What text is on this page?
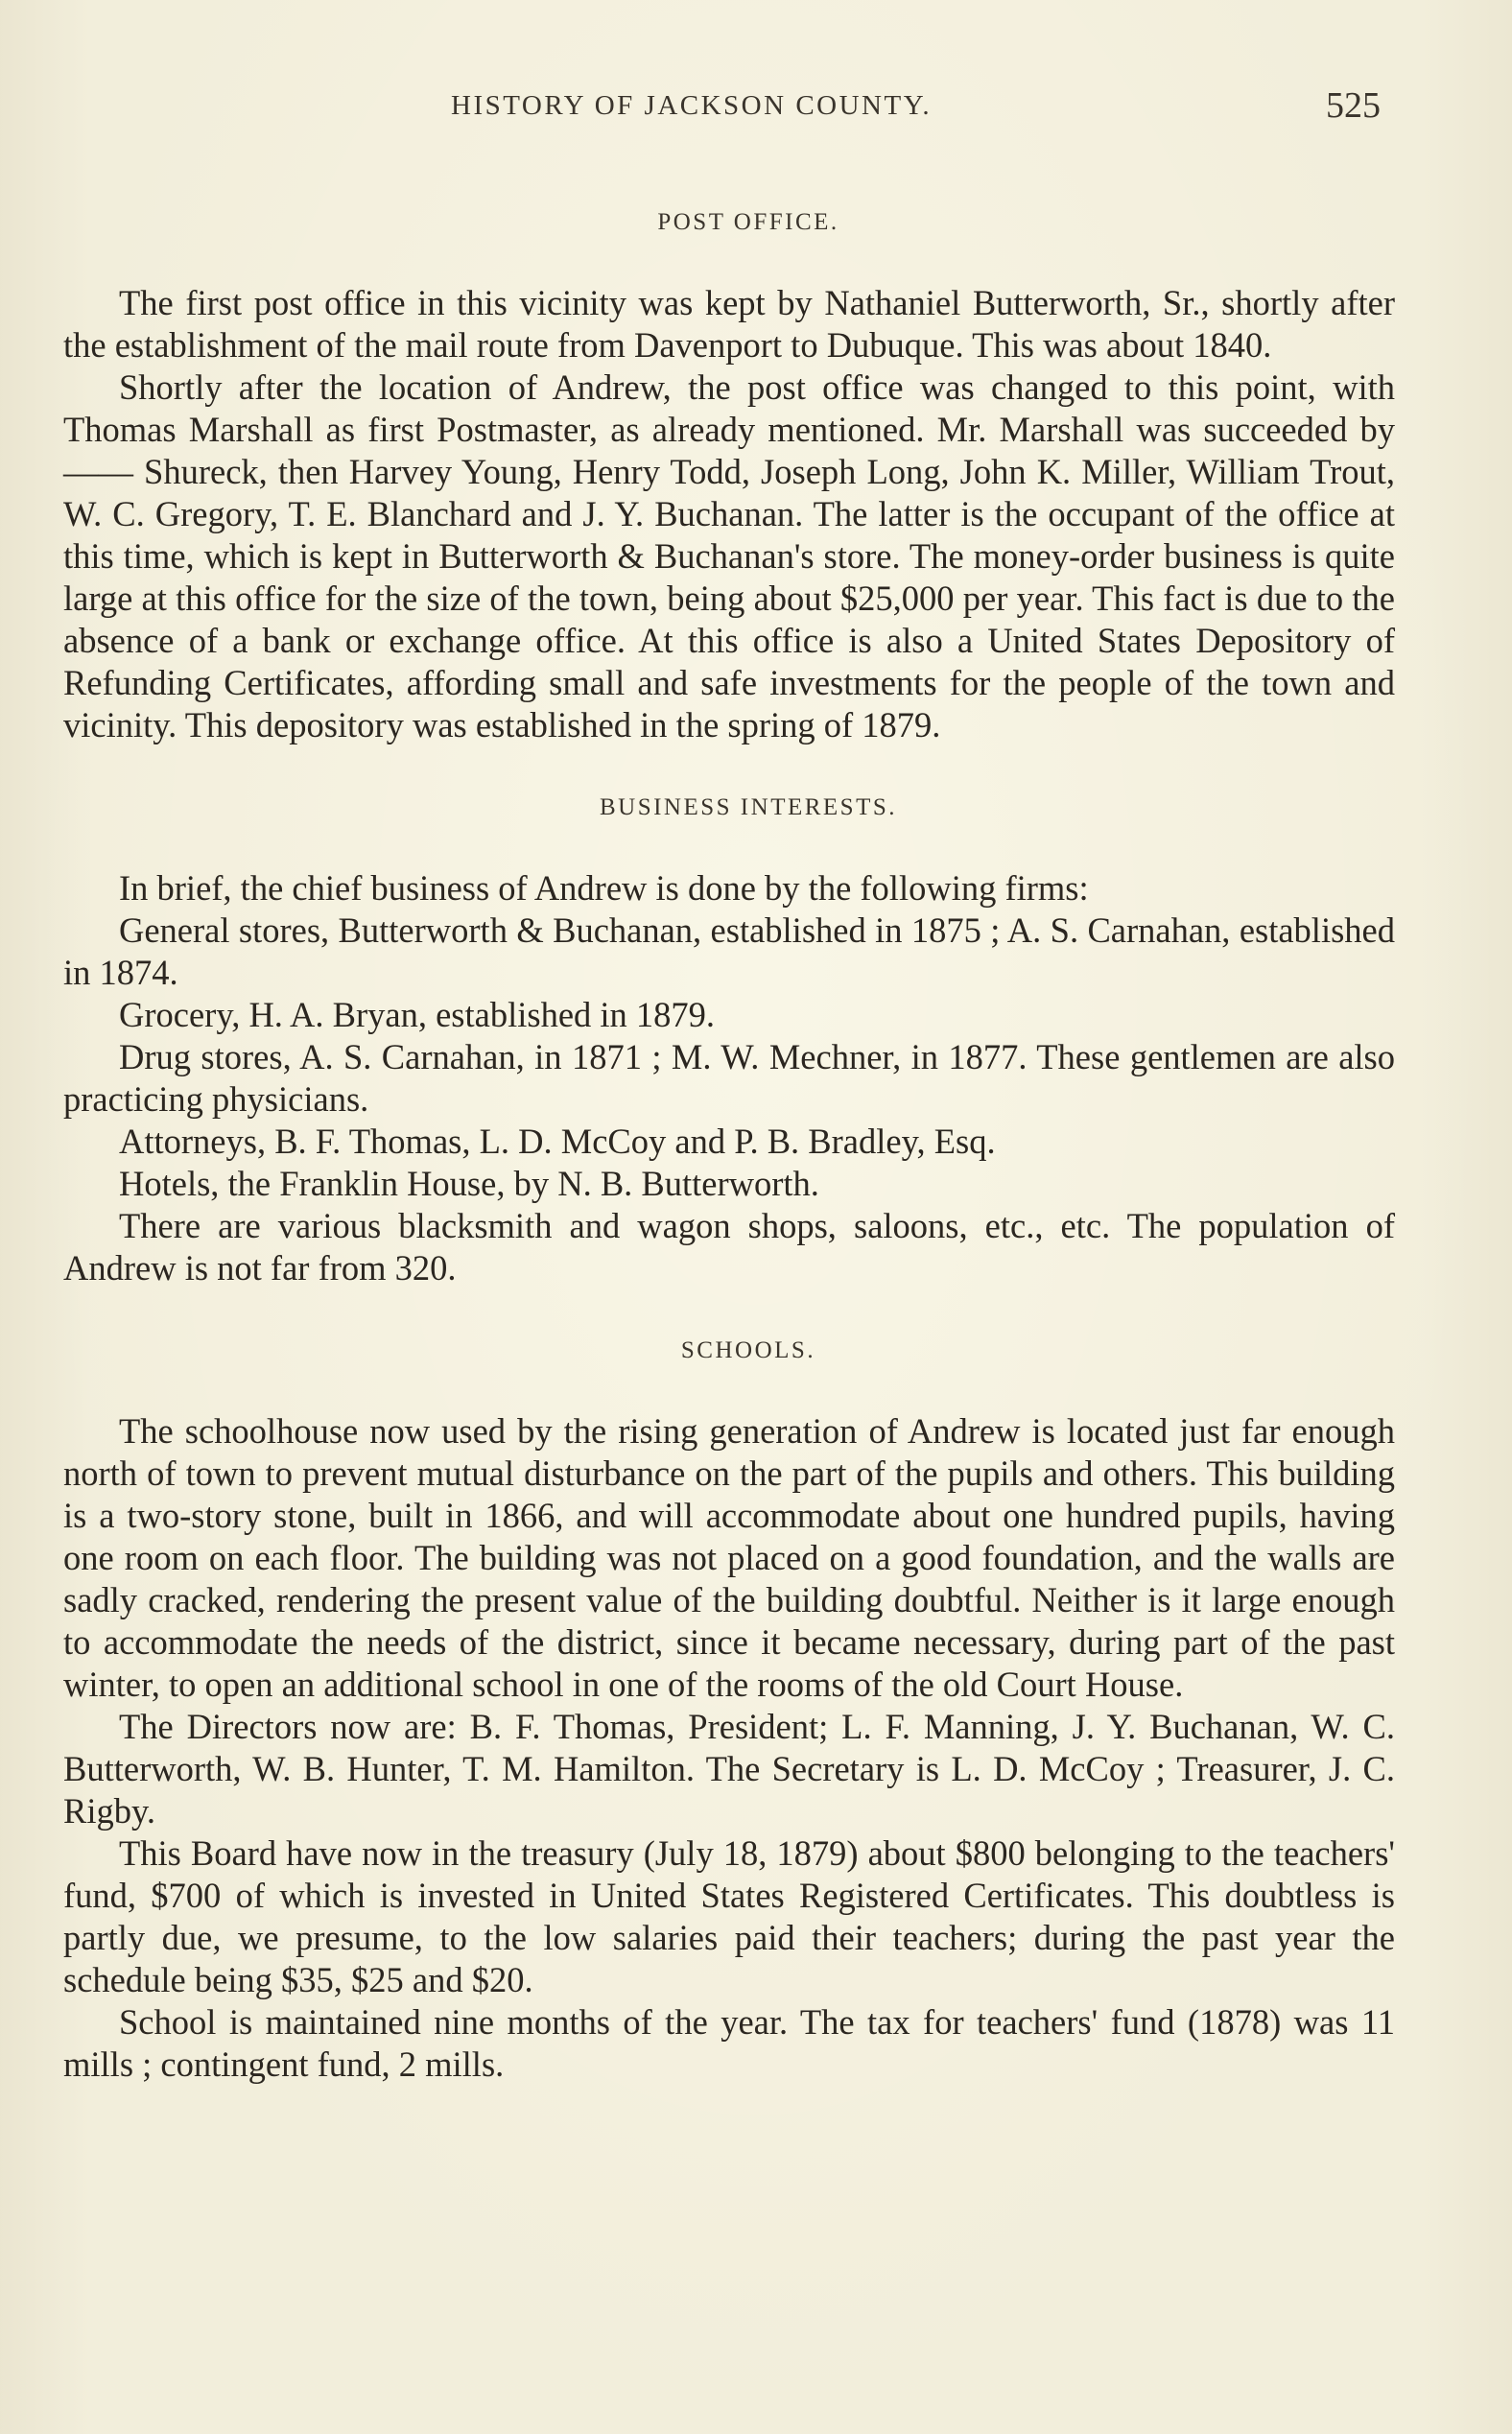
HISTORY OF JACKSON COUNTY.	525
POST OFFICE.

The first post office in this vicinity was kept by Nathaniel Butterworth, Sr., shortly after the establishment of the mail route from Davenport to Dubuque. This was about 1840.

Shortly after the location of Andrew, the post office was changed to this point, with Thomas Marshall as first Postmaster, as already mentioned. Mr. Marshall was succeeded by —— Shureck, then Harvey Young, Henry Todd, Joseph Long, John K. Miller, William Trout, W. C. Gregory, T. E. Blanchard and J. Y. Buchanan. The latter is the occupant of the office at this time, which is kept in Butterworth & Buchanan's store. The money-order business is quite large at this office for the size of the town, being about $25,000 per year. This fact is due to the absence of a bank or exchange office. At this office is also a United States Depository of Refunding Certificates, affording small and safe investments for the people of the town and vicinity. This depository was established in the spring of 1879.

BUSINESS INTERESTS.

In brief, the chief business of Andrew is done by the following firms:

General stores, Butterworth & Buchanan, established in 1875 ; A. S. Carnahan, established in 1874.

Grocery, H. A. Bryan, established in 1879.

Drug stores, A. S. Carnahan, in 1871 ; M. W. Mechner, in 1877. These gentlemen are also practicing physicians.

Attorneys, B. F. Thomas, L. D. McCoy and P. B. Bradley, Esq.

Hotels, the Franklin House, by N. B. Butterworth.

There are various blacksmith and wagon shops, saloons, etc., etc. The population of Andrew is not far from 320.

SCHOOLS.

The schoolhouse now used by the rising generation of Andrew is located just far enough north of town to prevent mutual disturbance on the part of the pupils and others. This building is a two-story stone, built in 1866, and will accommodate about one hundred pupils, having one room on each floor. The building was not placed on a good foundation, and the walls are sadly cracked, rendering the present value of the building doubtful. Neither is it large enough to accommodate the needs of the district, since it became necessary, during part of the past winter, to open an additional school in one of the rooms of the old Court House.

The Directors now are: B. F. Thomas, President; L. F. Manning, J. Y. Buchanan, W. C. Butterworth, W. B. Hunter, T. M. Hamilton. The Secretary is L. D. McCoy ; Treasurer, J. C. Rigby.

This Board have now in the treasury (July 18, 1879) about $800 belonging to the teachers' fund, $700 of which is invested in United States Registered Certificates. This doubtless is partly due, we presume, to the low salaries paid their teachers; during the past year the schedule being $35, $25 and $20.

School is maintained nine months of the year. The tax for teachers' fund (1878) was 11 mills ; contingent fund, 2 mills.
